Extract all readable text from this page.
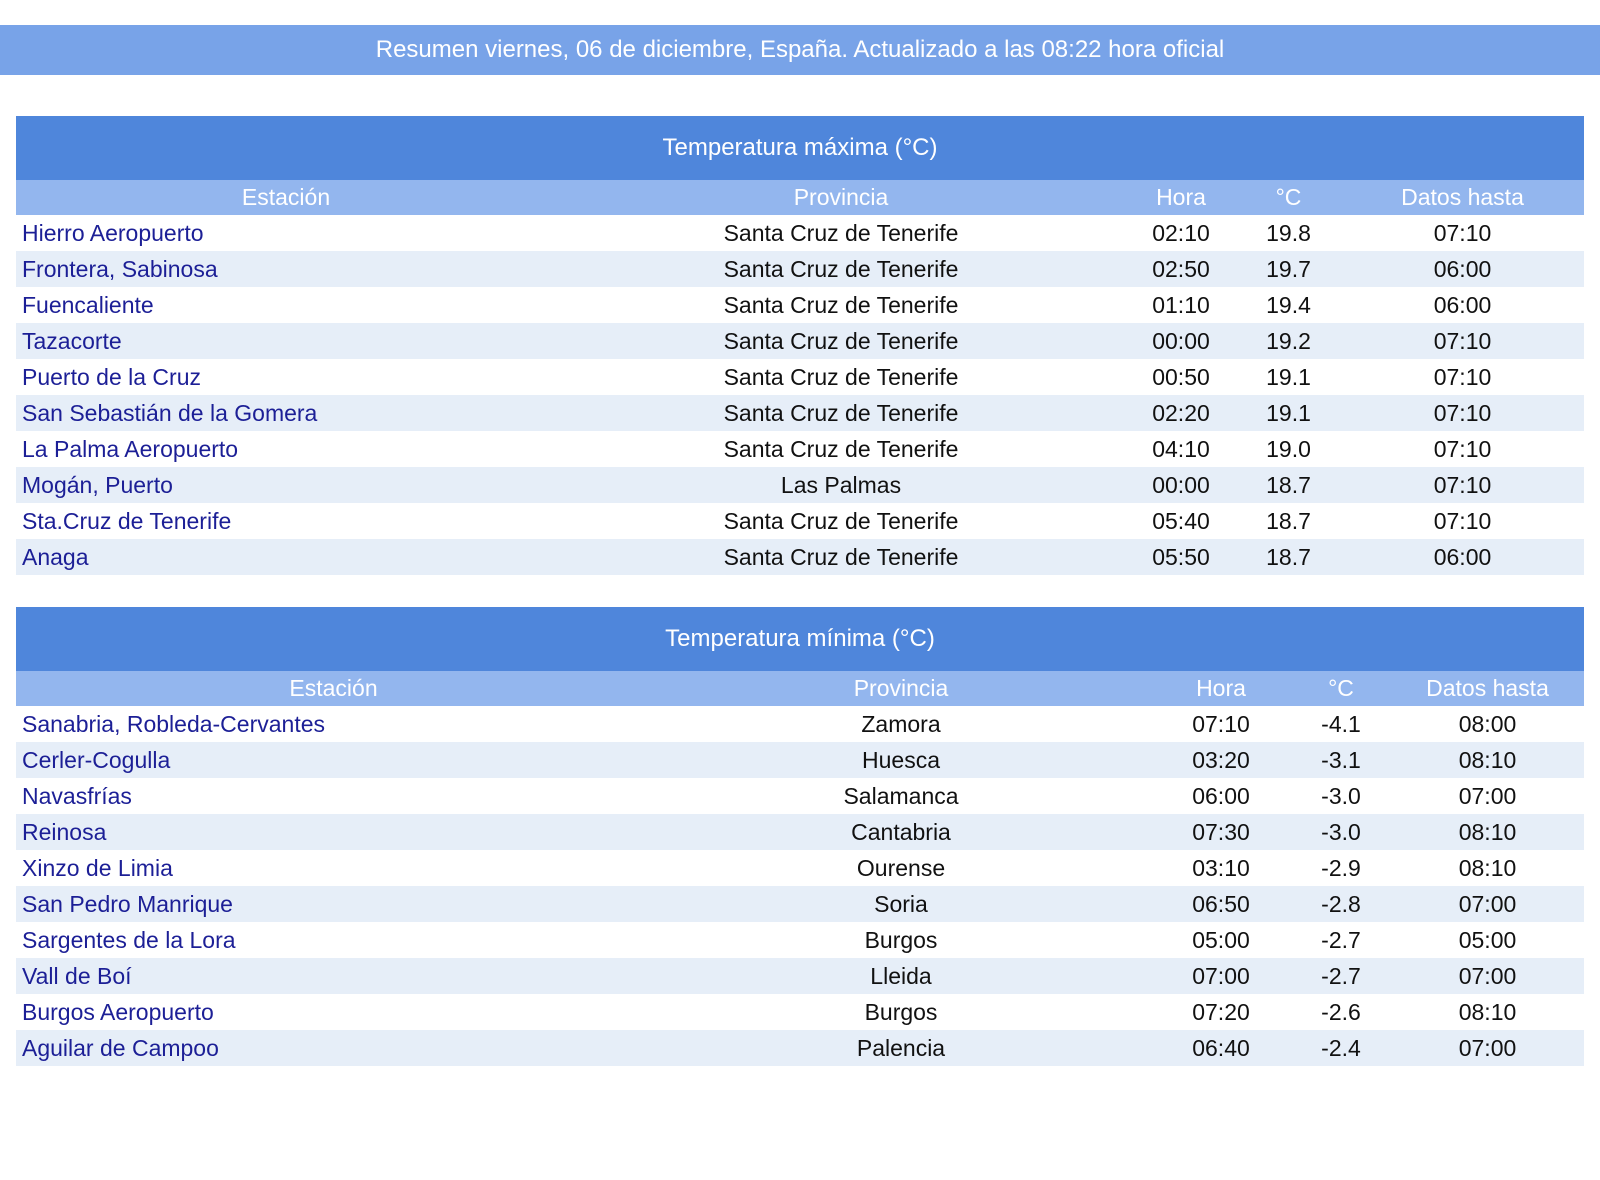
Resumen viernes, 06 de diciembre, España. Actualizado a las 08:22 hora oficial
Temperatura máxima (°C)
Estación	Provincia	Hora	°C	Datos hasta
Hierro Aeropuerto	Santa Cruz de Tenerife	02:10	19.8	07:10
Frontera, Sabinosa	Santa Cruz de Tenerife	02:50	19.7	06:00
Fuencaliente	Santa Cruz de Tenerife	01:10	19.4	06:00
Tazacorte	Santa Cruz de Tenerife	00:00	19.2	07:10
Puerto de la Cruz	Santa Cruz de Tenerife	00:50	19.1	07:10
San Sebastián de la Gomera	Santa Cruz de Tenerife	02:20	19.1	07:10
La Palma Aeropuerto	Santa Cruz de Tenerife	04:10	19.0	07:10
Mogán, Puerto	Las Palmas	00:00	18.7	07:10
Sta.Cruz de Tenerife	Santa Cruz de Tenerife	05:40	18.7	07:10
Anaga	Santa Cruz de Tenerife	05:50	18.7	06:00
Temperatura mínima (°C)
Estación	Provincia	Hora	°C	Datos hasta
Sanabria, Robleda-Cervantes	Zamora	07:10	-4.1	08:00
Cerler-Cogulla	Huesca	03:20	-3.1	08:10
Navasfrías	Salamanca	06:00	-3.0	07:00
Reinosa	Cantabria	07:30	-3.0	08:10
Xinzo de Limia	Ourense	03:10	-2.9	08:10
San Pedro Manrique	Soria	06:50	-2.8	07:00
Sargentes de la Lora	Burgos	05:00	-2.7	05:00
Vall de Boí	Lleida	07:00	-2.7	07:00
Burgos Aeropuerto	Burgos	07:20	-2.6	08:10
Aguilar de Campoo	Palencia	06:40	-2.4	07:00
